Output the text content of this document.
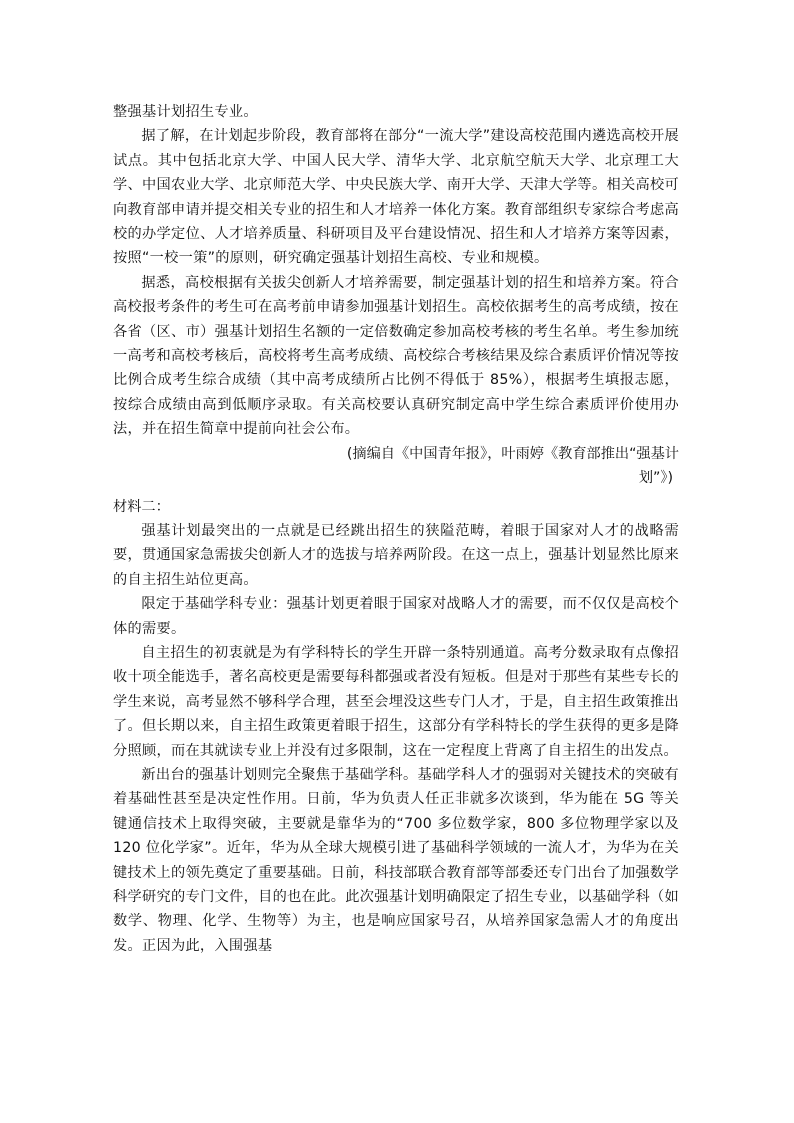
整强基计划招生专业。

据了解，在计划起步阶段，教育部将在部分“一流大学”建设高校范围内遴选高校开展试点。其中包括北京大学、中国人民大学、清华大学、北京航空航天大学、北京理工大学、中国农业大学、北京师范大学、中央民族大学、南开大学、天津大学等。相关高校可向教育部申请并提交相关专业的招生和人才培养一体化方案。教育部组织专家综合考虑高校的办学定位、人才培养质量、科研项目及平台建设情况、招生和人才培养方案等因素，按照“一校一策”的原则，研究确定强基计划招生高校、专业和规模。

据悉，高校根据有关拔尖创新人才培养需要，制定强基计划的招生和培养方案。符合高校报考条件的考生可在高考前申请参加强基计划招生。高校依据考生的高考成绩，按在各省（区、市）强基计划招生名额的一定倍数确定参加高校考核的考生名单。考生参加统一高考和高校考核后，高校将考生高考成绩、高校综合考核结果及综合素质评价情况等按比例合成考生综合成绩（其中高考成绩所占比例不得低于 85%），根据考生填报志愿，按综合成绩由高到低顺序录取。有关高校要认真研究制定高中学生综合素质评价使用办法，并在招生简章中提前向社会公布。

(摘编自《中国青年报》，叶雨婷《教育部推出“强基计
划”》)

材料二：

强基计划最突出的一点就是已经跳出招生的狭隘范畴，着眼于国家对人才的战略需要，贯通国家急需拔尖创新人才的选拔与培养两阶段。在这一点上，强基计划显然比原来的自主招生站位更高。

限定于基础学科专业：强基计划更着眼于国家对战略人才的需要，而不仅仅是高校个体的需要。

自主招生的初衷就是为有学科特长的学生开辟一条特别通道。高考分数录取有点像招收十项全能选手，著名高校更是需要每科都强或者没有短板。但是对于那些有某些专长的学生来说，高考显然不够科学合理，甚至会埋没这些专门人才，于是，自主招生政策推出了。但长期以来，自主招生政策更着眼于招生，这部分有学科特长的学生获得的更多是降分照顾，而在其就读专业上并没有过多限制，这在一定程度上背离了自主招生的出发点。

新出台的强基计划则完全聚焦于基础学科。基础学科人才的强弱对关键技术的突破有着基础性甚至是决定性作用。日前，华为负责人任正非就多次谈到，华为能在 5G 等关键通信技术上取得突破，主要就是靠华为的“700 多位数学家，800 多位物理学家以及 120 位化学家”。近年，华为从全球大规模引进了基础科学领域的一流人才，为华为在关键技术上的领先奠定了重要基础。日前，科技部联合教育部等部委还专门出台了加强数学科学研究的专门文件，目的也在此。此次强基计划明确限定了招生专业，以基础学科（如数学、物理、化学、生物等）为主，也是响应国家号召，从培养国家急需人才的角度出发。正因为此，入围强基
